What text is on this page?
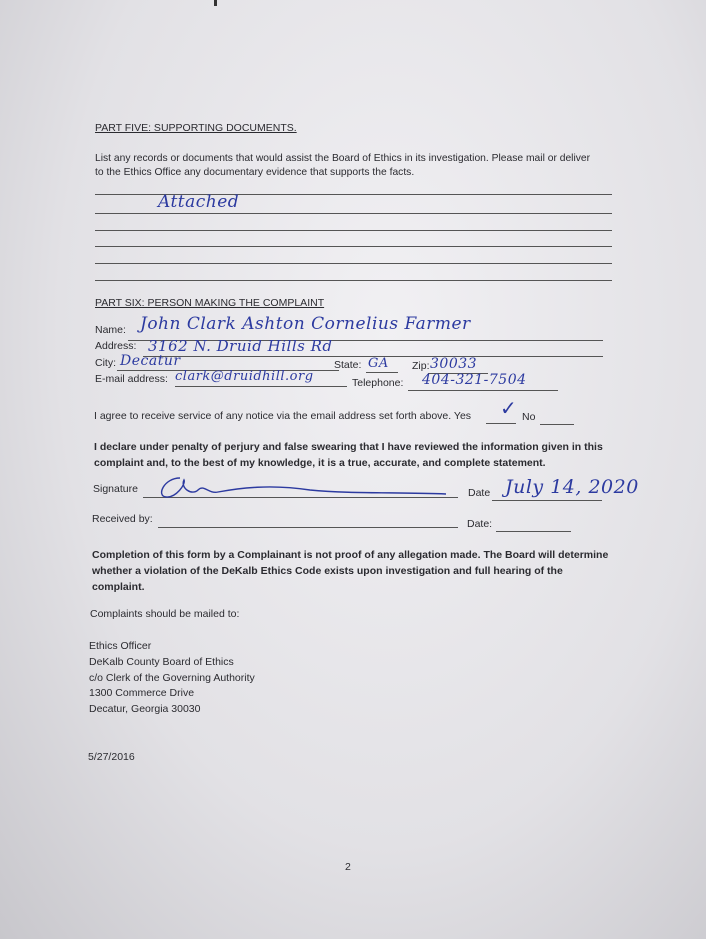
PART FIVE: SUPPORTING DOCUMENTS.
List any records or documents that would assist the Board of Ethics in its investigation. Please mail or deliver
to the Ethics Office any documentary evidence that supports the facts.
Attached
PART SIX: PERSON MAKING THE COMPLAINT
Name: John Clark Ashton Cornelius Farmer
Address: 3162 N. Druid Hills Rd
City: Decatur	State: GA Zip: 30033
E-mail address: clark@druidhill.org	Telephone: 404-321-7504
I agree to receive service of any notice via the email address set forth above. Yes ✓ No
I declare under penalty of perjury and false swearing that I have reviewed the information given in this
complaint and, to the best of my knowledge, it is a true, accurate, and complete statement.
Signature	Date July 14, 2020
Received by:	Date:
Completion of this form by a Complainant is not proof of any allegation made. The Board will determine
whether a violation of the DeKalb Ethics Code exists upon investigation and full hearing of the
complaint.
Complaints should be mailed to:
Ethics Officer
DeKalb County Board of Ethics
c/o Clerk of the Governing Authority
1300 Commerce Drive
Decatur, Georgia 30030
5/27/2016
2
